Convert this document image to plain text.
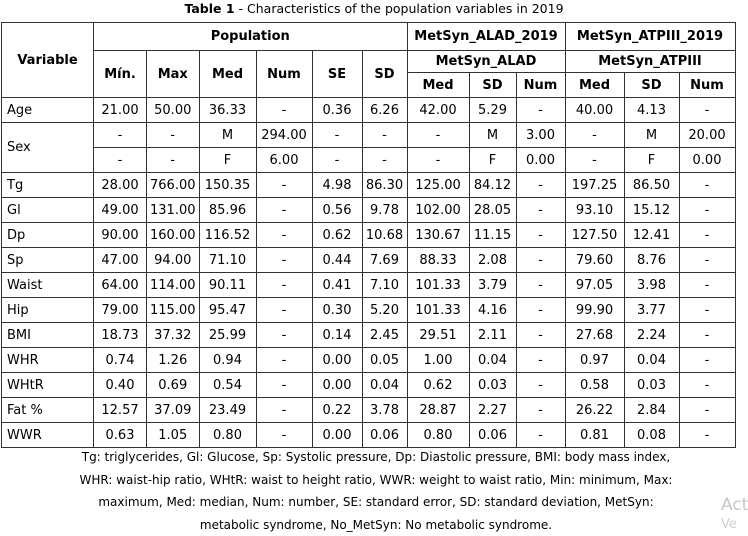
Table 1 - Characteristics of the population variables in 2019
Variable	Population						MetSyn_ALAD_2019			MetSyn_ATPIII_2019		
	Mín.	Max	Med	Num	SE	SD	MetSyn_ALAD			MetSyn_ATPIII		
							Med	SD	Num	Med	SD	Num
Age	21.00	50.00	36.33	-	0.36	6.26	42.00	5.29	-	40.00	4.13	-
Sex	-	-	M	294.00	-	-	-	M	3.00	-	M	20.00
	-	-	F	6.00	-	-	-	F	0.00	-	F	0.00
Tg	28.00	766.00	150.35	-	4.98	86.30	125.00	84.12	-	197.25	86.50	-
Gl	49.00	131.00	85.96	-	0.56	9.78	102.00	28.05	-	93.10	15.12	-
Dp	90.00	160.00	116.52	-	0.62	10.68	130.67	11.15	-	127.50	12.41	-
Sp	47.00	94.00	71.10	-	0.44	7.69	88.33	2.08	-	79.60	8.76	-
Waist	64.00	114.00	90.11	-	0.41	7.10	101.33	3.79	-	97.05	3.98	-
Hip	79.00	115.00	95.47	-	0.30	5.20	101.33	4.16	-	99.90	3.77	-
BMI	18.73	37.32	25.99	-	0.14	2.45	29.51	2.11	-	27.68	2.24	-
WHR	0.74	1.26	0.94	-	0.00	0.05	1.00	0.04	-	0.97	0.04	-
WHtR	0.40	0.69	0.54	-	0.00	0.04	0.62	0.03	-	0.58	0.03	-
Fat %	12.57	37.09	23.49	-	0.22	3.78	28.87	2.27	-	26.22	2.84	-
WWR	0.63	1.05	0.80	-	0.00	0.06	0.80	0.06	-	0.81	0.08	-
Tg: triglycerides, Gl: Glucose, Sp: Systolic pressure, Dp: Diastolic pressure, BMI: body mass index, WHR: waist-hip ratio, WHtR: waist to height ratio, WWR: weight to waist ratio, Min: minimum, Max: maximum, Med: median, Num: number, SE: standard error, SD: standard deviation, MetSyn: metabolic syndrome, No_MetSyn: No metabolic syndrome.
Act
Ve
